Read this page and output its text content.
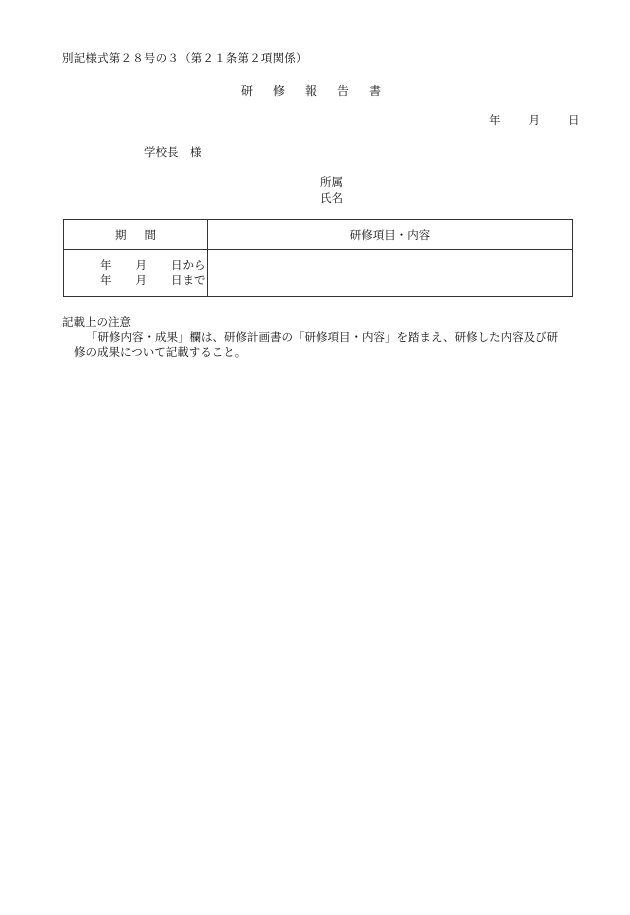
別記様式第２８号の３（第２１条第２項関係）
研修報告書
年 月 日
学校長　様
所属
氏名
期間	研修項目・内容

年 月 日から
年 月 日まで	

記載上の注意
「研修内容・成果」欄は、研修計画書の「研修項目・内容」を踏まえ、研修した内容及び研
修の成果について記載すること。
